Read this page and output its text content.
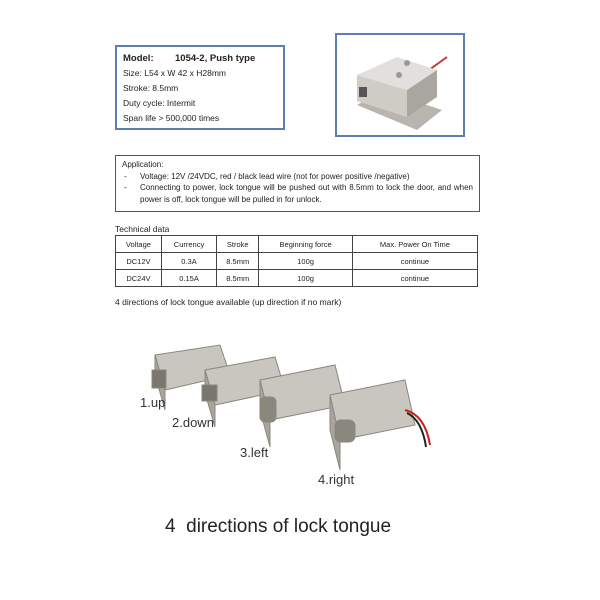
Model: 1054-2, Push type
Size: L54 x W 42 x H28mm
Stroke: 8.5mm
Duty cycle: Intermit
Span life > 500,000 times
Application:
- Voltage: 12V /24VDC, red / black lead wire (not for power positive /negative)
- Connecting to power, lock tongue will be pushed out with 8.5mm to lock the door, and when power is off, lock tongue will be pulled in for unlock.
Technical data
Voltage	Currency	Stroke	Beginning force	Max. Power On Time
DC12V	0.3A	8.5mm	100g	continue
DC24V	0.15A	8.5mm	100g	continue
4 directions of lock tongue available (up direction if no mark)
1.up
2.down
3.left
4.right
4  directions of lock tongue
